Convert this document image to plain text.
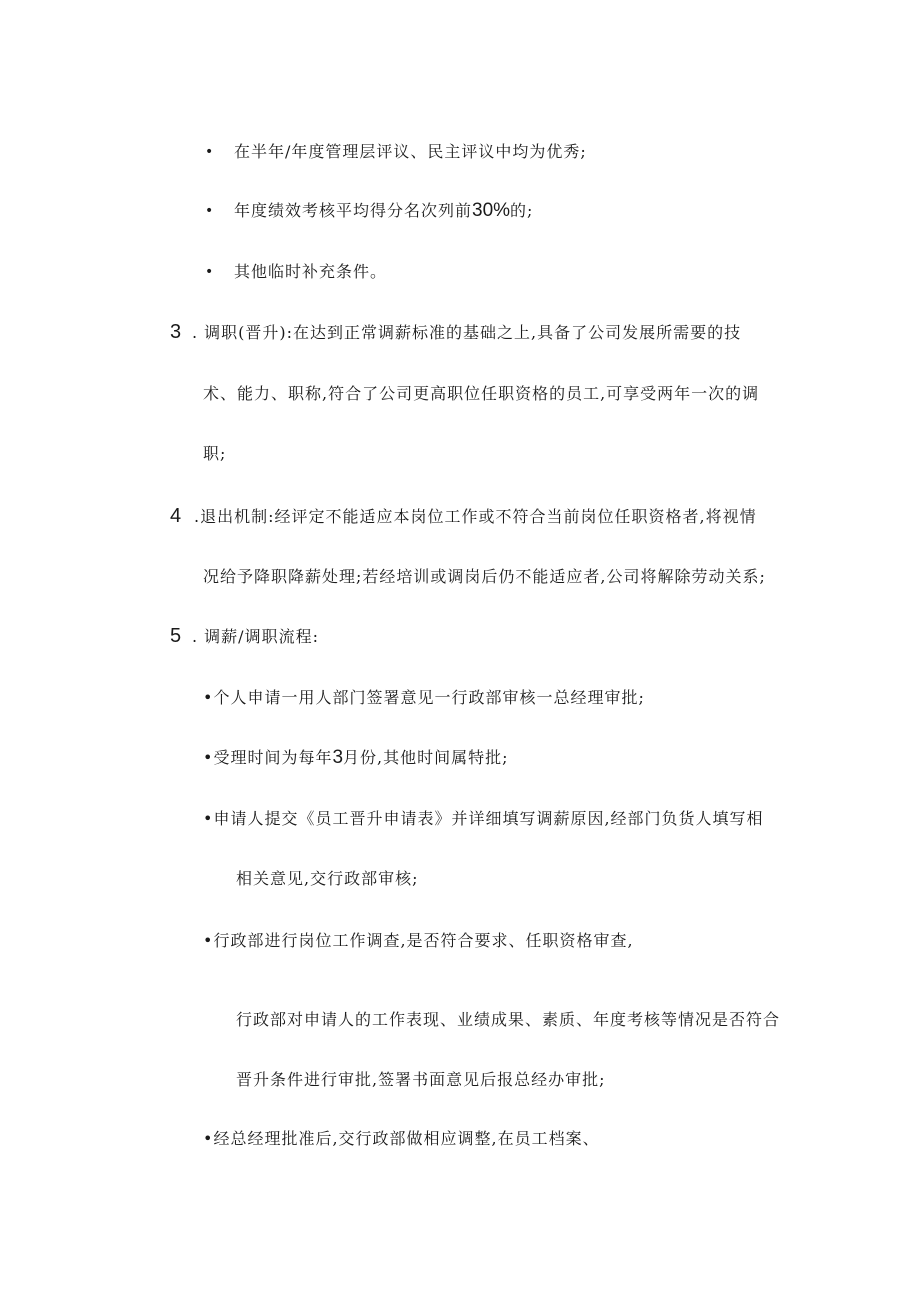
• 在半年/年度管理层评议、民主评议中均为优秀;
• 年度绩效考核平均得分名次列前30%的;
• 其他临时补充条件。
3 . 调职(晋升):在达到正常调薪标准的基础之上,具备了公司发展所需要的技
术、能力、职称,符合了公司更高职位任职资格的员工,可享受两年一次的调
职;
4 .退出机制:经评定不能适应本岗位工作或不符合当前岗位任职资格者,将视情
况给予降职降薪处理;若经培训或调岗后仍不能适应者,公司将解除劳动关系;
5 . 调薪/调职流程:
•个人申请一用人部门签署意见一行政部审核一总经理审批;
•受理时间为每年3月份,其他时间属特批;
•申请人提交《员工晋升申请表》并详细填写调薪原因,经部门负货人填写相
相关意见,交行政部审核;
•行政部进行岗位工作调查,是否符合要求、任职资格审查,
行政部对申请人的工作表现、业绩成果、素质、年度考核等情况是否符合
晋升条件进行审批,签署书面意见后报总经办审批;
•经总经理批准后,交行政部做相应调整,在员工档案、
